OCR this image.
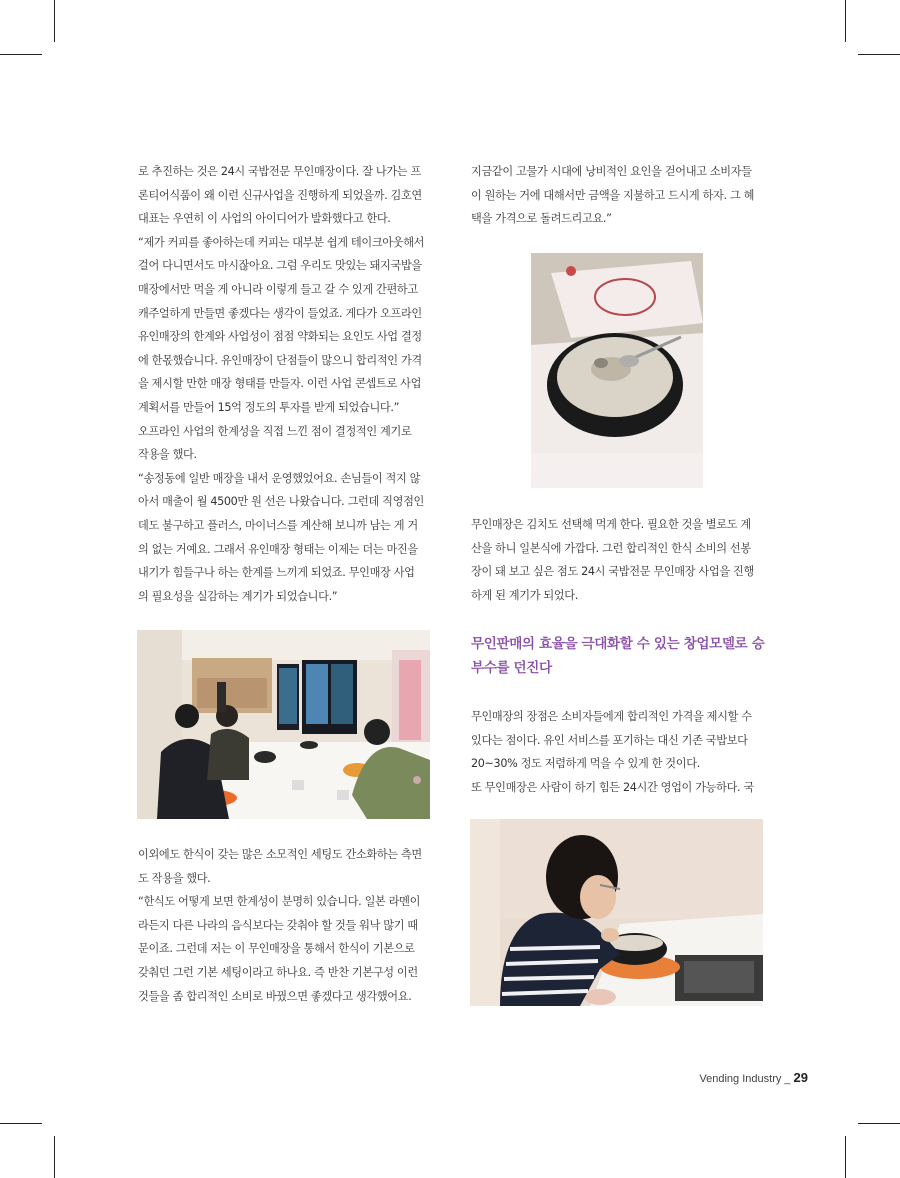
로 추진하는 것은 24시 국밥전문 무인매장이다. 잘 나가는 프

론티어식품이 왜 이런 신규사업을 진행하게 되었을까. 김호연

대표는 우연히 이 사업의 아이디어가 발화했다고 한다.

“제가 커피를 좋아하는데 커피는 대부분 쉽게 테이크아웃해서

걸어 다니면서도 마시잖아요. 그럼 우리도 맛있는 돼지국밥을

매장에서만 먹을 게 아니라 이렇게 들고 갈 수 있게 간편하고

캐주얼하게 만들면 좋겠다는 생각이 들었죠. 게다가 오프라인

유인매장의 한계와 사업성이 점점 약화되는 요인도 사업 결정

에 한몫했습니다. 유인매장이 단점들이 많으니 합리적인 가격

을 제시할 만한 매장 형태를 만들자. 이런 사업 콘셉트로 사업

계획서를 만들어 15억 정도의 투자를 받게 되었습니다.”

오프라인 사업의 한계성을 직접 느낀 점이 결정적인 계기로

작용을 했다.

“송정동에 일반 매장을 내서 운영했었어요. 손님들이 적지 않

아서 매출이 월 4500만 원 선은 나왔습니다. 그런데 직영점인

데도 불구하고 플러스, 마이너스를 계산해 보니까 남는 게 거

의 없는 거예요. 그래서 유인매장 형태는 이제는 더는 마진을

내기가 힘들구나 하는 한계를 느끼게 되었죠. 무인매장 사업

의 필요성을 실감하는 계기가 되었습니다.”

이외에도 한식이 갖는 많은 소모적인 세팅도 간소화하는 측면

도 작용을 했다.

“한식도 어떻게 보면 한계성이 분명히 있습니다. 일본 라멘이

라든지 다른 나라의 음식보다는 갖춰야 할 것들 워낙 많기 때

문이죠. 그런데 저는 이 무인매장을 통해서 한식이 기본으로

갖춰던 그런 기본 세팅이라고 하나요. 즉 반찬 기본구성 이런

것들을 좀 합리적인 소비로 바꿨으면 좋겠다고 생각했어요.

지금같이 고물가 시대에 낭비적인 요인을 걷어내고 소비자들

이 원하는 거에 대해서만 금액을 지불하고 드시게 하자. 그 혜

택을 가격으로 돌려드리고요.”

무인매장은 김치도 선택해 먹게 한다. 필요한 것을 별로도 계

산을 하니 일본식에 가깝다. 그런 합리적인 한식 소비의 선봉

장이 돼 보고 싶은 점도 24시 국밥전문 무인매장 사업을 진행

하게 된 계기가 되었다.

무인판매의 효율을 극대화할 수 있는 창업모델로 승
부수를 던진다

무인매장의 장점은 소비자들에게 합리적인 가격을 제시할 수

있다는 점이다. 유인 서비스를 포기하는 대신 기존 국밥보다

20~30% 정도 저렴하게 먹을 수 있게 한 것이다.

또 무인매장은 사람이 하기 힘든 24시간 영업이 가능하다. 국

Vending Industry _ 29
